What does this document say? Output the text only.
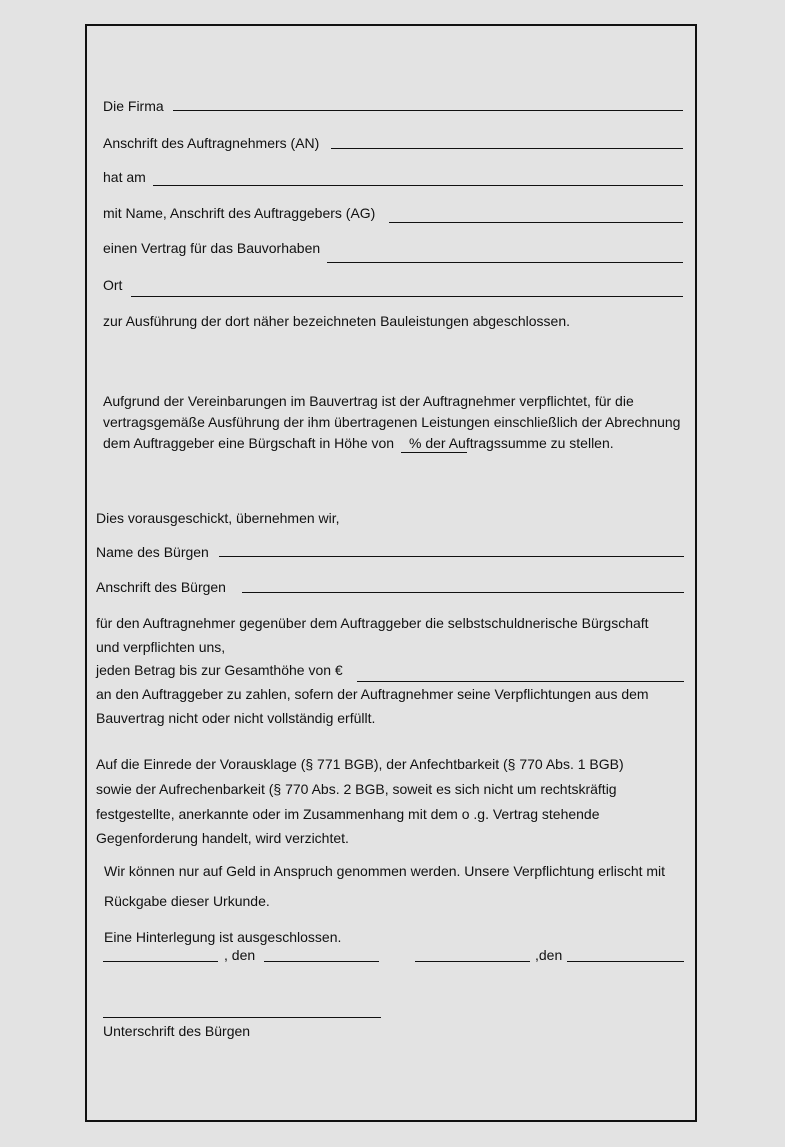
Die Firma
Anschrift des Auftragnehmers (AN)
hat am
mit Name, Anschrift des Auftraggebers (AG)
einen Vertrag für das Bauvorhaben
Ort
zur Ausführung der dort näher bezeichneten Bauleistungen abgeschlossen.
Aufgrund der Vereinbarungen im Bauvertrag ist der Auftragnehmer verpflichtet, für die
vertragsgemäße Ausführung der ihm übertragenen Leistungen einschließlich der Abrechnung
dem Auftraggeber eine Bürgschaft in Höhe von % der Auftragssumme zu stellen.
Dies vorausgeschickt, übernehmen wir,
Name des Bürgen
Anschrift des Bürgen
für den Auftragnehmer gegenüber dem Auftraggeber die selbstschuldnerische Bürgschaft
und verpflichten uns,
jeden Betrag bis zur Gesamthöhe von €
an den Auftraggeber zu zahlen, sofern der Auftragnehmer seine Verpflichtungen aus dem
Bauvertrag nicht oder nicht vollständig erfüllt.
Auf die Einrede der Vorausklage (§ 771 BGB), der Anfechtbarkeit (§ 770 Abs. 1 BGB)
sowie der Aufrechenbarkeit (§ 770 Abs. 2 BGB, soweit es sich nicht um rechtskräftig
festgestellte, anerkannte oder im Zusammenhang mit dem o .g. Vertrag stehende
Gegenforderung handelt, wird verzichtet.
Wir können nur auf Geld in Anspruch genommen werden. Unsere Verpflichtung erlischt mit
Rückgabe dieser Urkunde.
Eine Hinterlegung ist ausgeschlossen.
, den	,den
Unterschrift des Bürgen
